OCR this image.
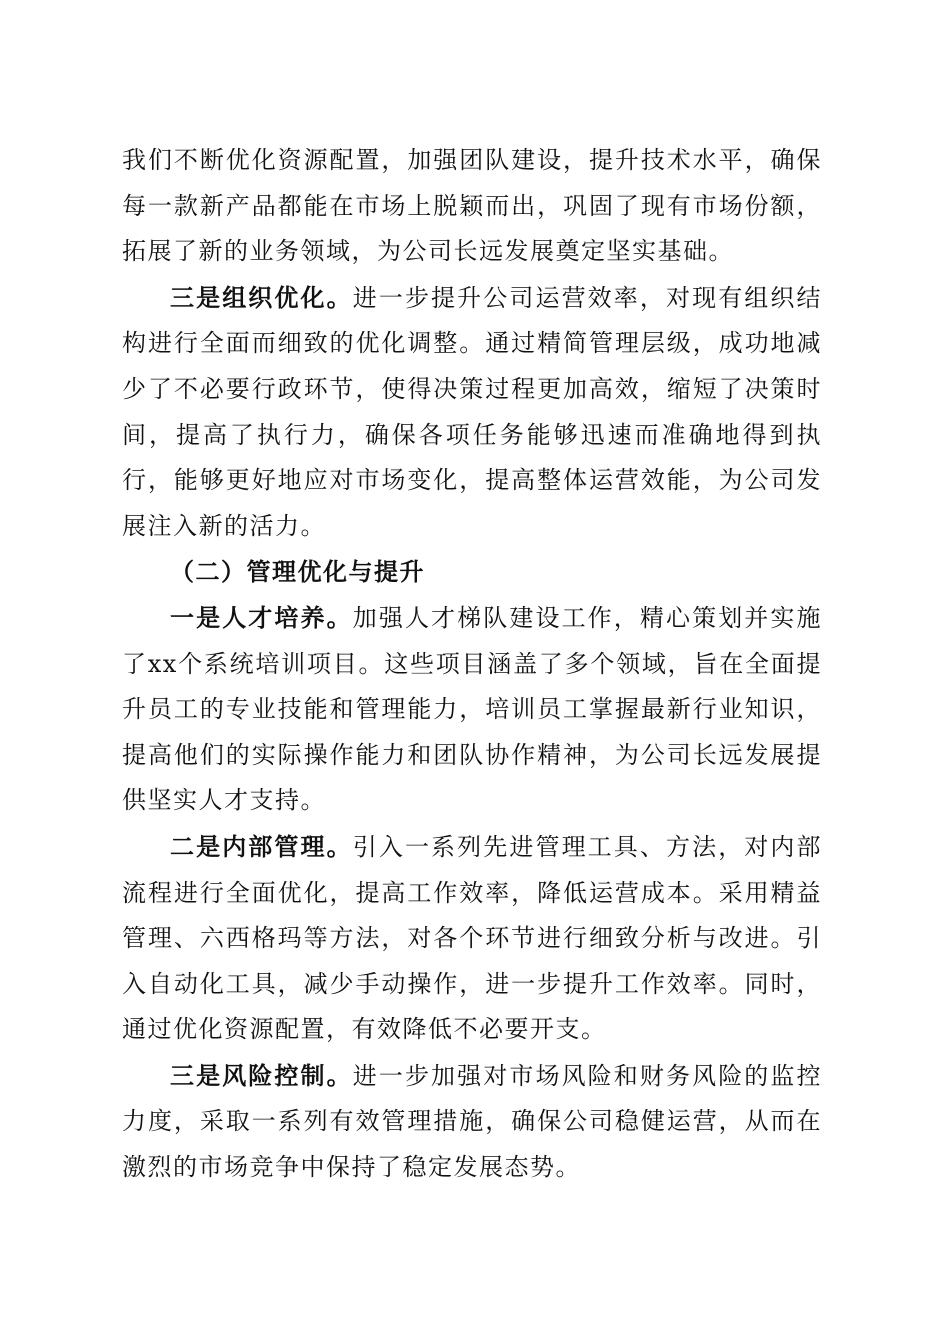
我们不断优化资源配置，加强团队建设，提升技术水平，确保每一款新产品都能在市场上脱颖而出，巩固了现有市场份额，拓展了新的业务领域，为公司长远发展奠定坚实基础。

三是组织优化。进一步提升公司运营效率，对现有组织结构进行全面而细致的优化调整。通过精简管理层级，成功地减少了不必要行政环节，使得决策过程更加高效，缩短了决策时间，提高了执行力，确保各项任务能够迅速而准确地得到执行，能够更好地应对市场变化，提高整体运营效能，为公司发展注入新的活力。

（二）管理优化与提升

一是人才培养。加强人才梯队建设工作，精心策划并实施了xx个系统培训项目。这些项目涵盖了多个领域，旨在全面提升员工的专业技能和管理能力，培训员工掌握最新行业知识，提高他们的实际操作能力和团队协作精神，为公司长远发展提供坚实人才支持。

二是内部管理。引入一系列先进管理工具、方法，对内部流程进行全面优化，提高工作效率，降低运营成本。采用精益管理、六西格玛等方法，对各个环节进行细致分析与改进。引入自动化工具，减少手动操作，进一步提升工作效率。同时，通过优化资源配置，有效降低不必要开支。

三是风险控制。进一步加强对市场风险和财务风险的监控力度，采取一系列有效管理措施，确保公司稳健运营，从而在激烈的市场竞争中保持了稳定发展态势。
